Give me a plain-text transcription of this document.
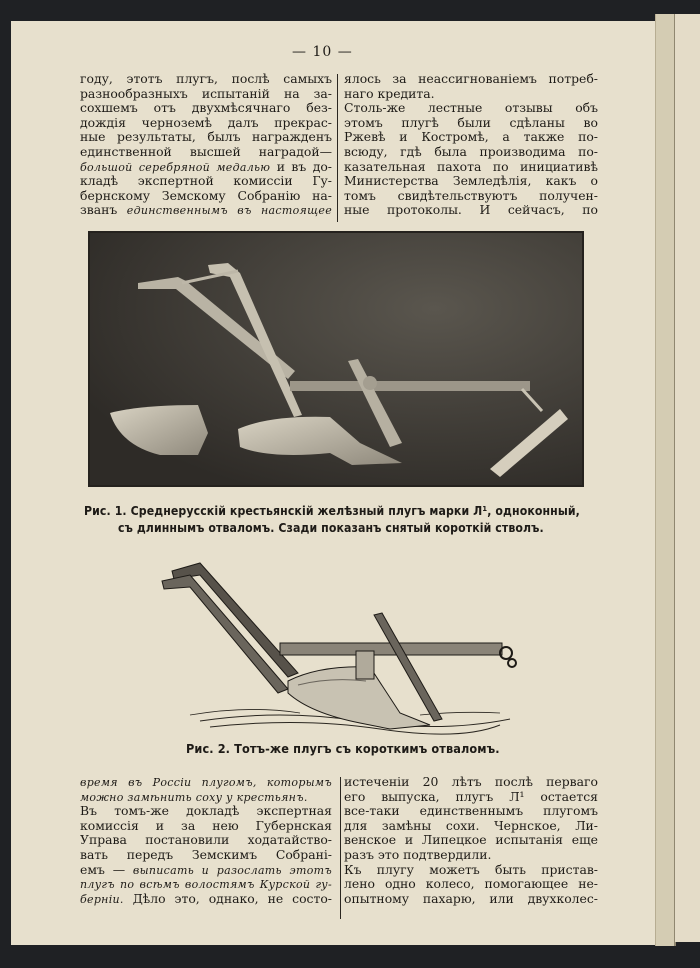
— 10 —
году, этотъ плугъ, послѣ самыхъ
разнообразныхъ испытанiй на за-
сохшемъ отъ двухмѣсячнаго без-
дождія черноземѣ далъ прекрас-
ные результаты, былъ награжденъ
единственной высшей наградой—
большой серебряной медалью и въ до-
кладѣ экспертной комиссіи Гу-
бернскому Земскому Собранію на-
званъ единственнымъ въ настоящее
ялось за неассигнованіемъ потреб-
наго кредита.
Столь-же лестные отзывы объ
этомъ плугѣ были сдѣланы во
Ржевѣ и Костромѣ, а также по-
всюду, гдѣ была производима по-
казательная пахота по инициативѣ
Министерства Земледѣлія, какъ о
томъ свидѣтельствуютъ получен-
ные протоколы. И сейчасъ, по
Рис. 1. Среднерусскій крестьянскій желѣзный плугъ марки Л¹, одноконный,
съ длиннымъ отваломъ. Сзади показанъ снятый короткій стволъ.
Рис. 2. Тотъ-же плугъ съ короткимъ отваломъ.
время въ Россіи плугомъ, которымъ
можно замѣнить соху у крестьянъ.
Въ томъ-же докладѣ экспертная
комиссія и за нею Губернская
Управа постановили ходатайство-
вать передъ Земскимъ Собрані-
емъ — выписать и разослать этотъ
плугъ по всѣмъ волостямъ Курской гу-
берніи. Дѣло это, однако, не состо-
истеченіи 20 лѣтъ послѣ перваго
его выпуска, плугъ Л¹ остается
все-таки единственнымъ плугомъ
для замѣны сохи. Чернское, Ли-
венское и Липецкое испытанія еще
разъ это подтвердили.
Къ плугу можетъ быть пристав-
лено одно колесо, помогающее не-
опытному пахарю, или двухколес-
